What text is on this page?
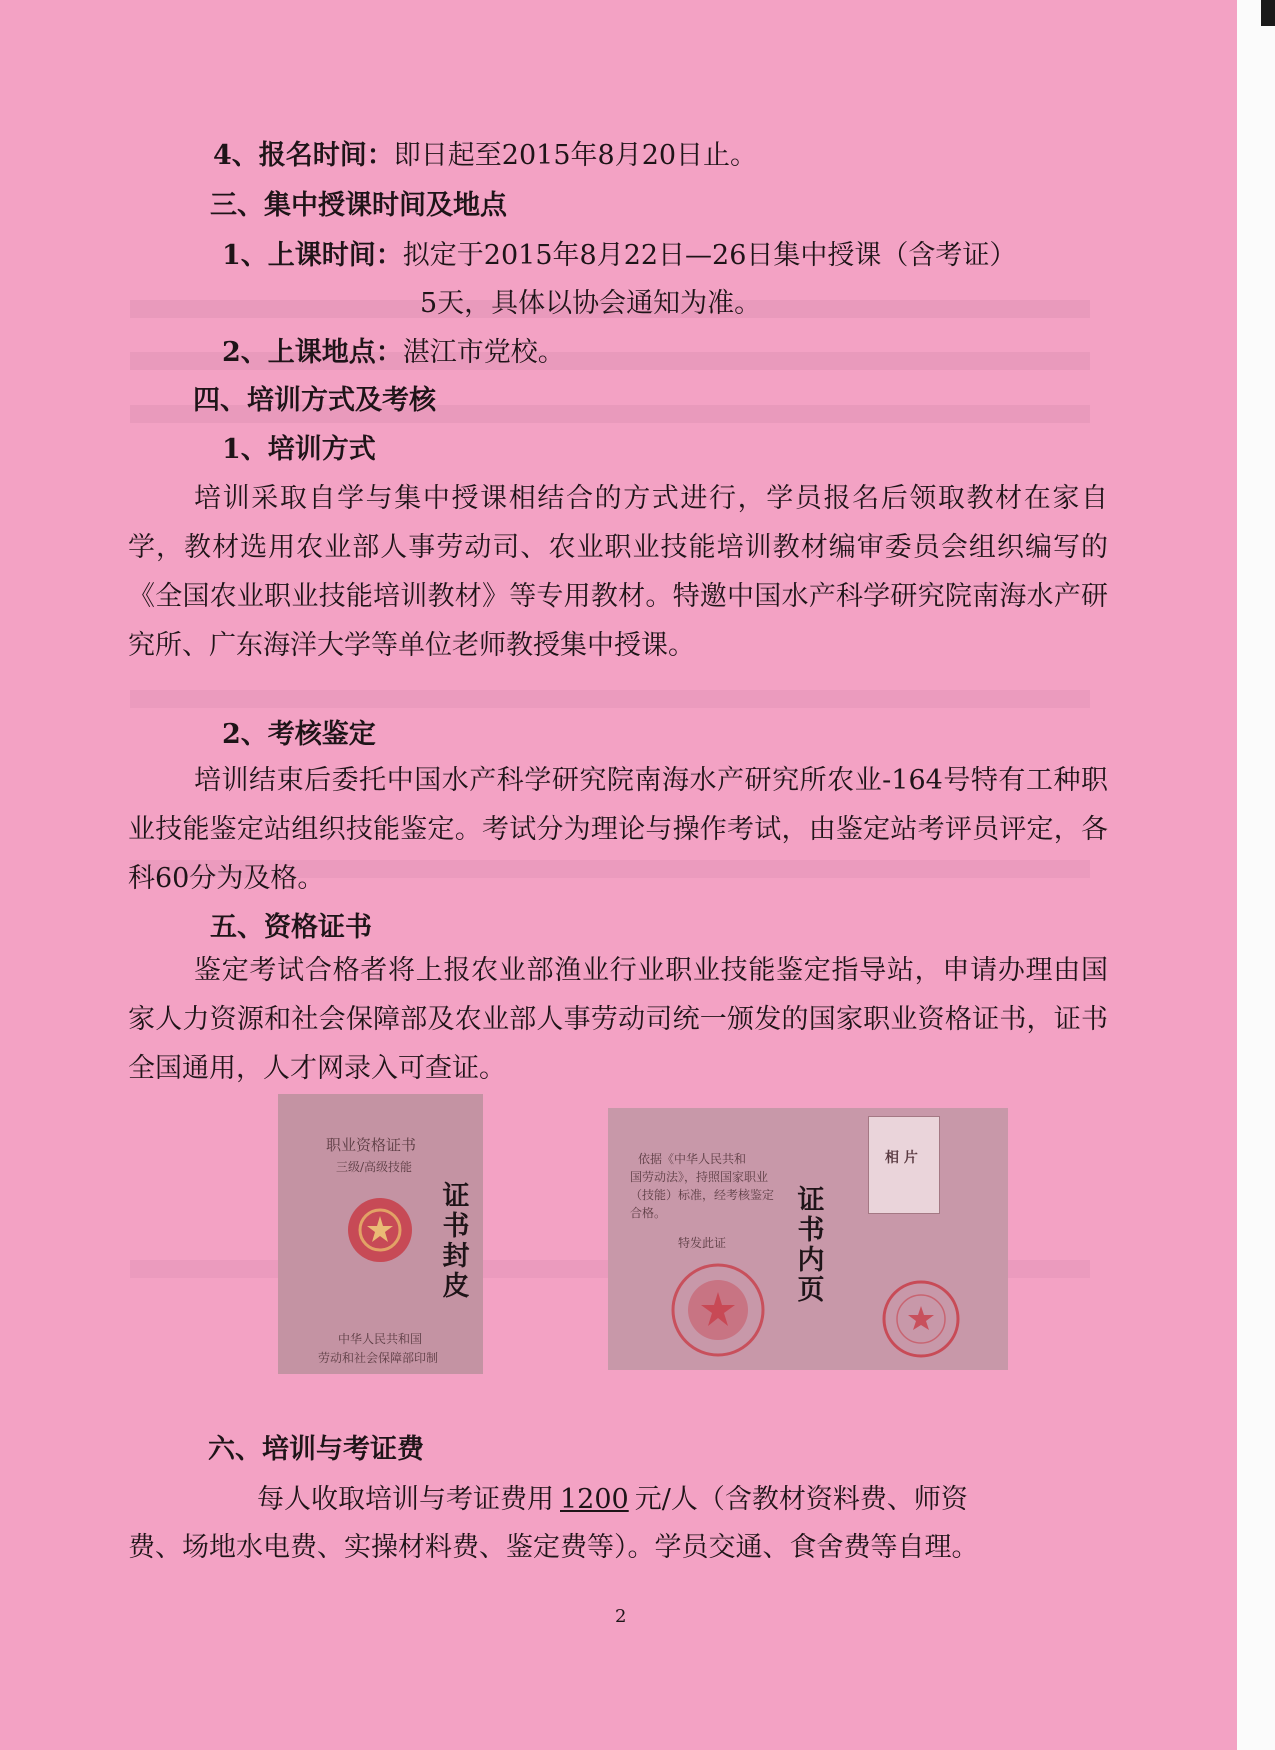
4、报名时间：即日起至2015年8月20日止。
三、集中授课时间及地点
1、上课时间：拟定于2015年8月22日—26日集中授课（含考证）
5天，具体以协会通知为准。
2、上课地点：湛江市党校。
四、培训方式及考核
1、培训方式
培训采取自学与集中授课相结合的方式进行，学员报名后领取教材在家自学，教材选用农业部人事劳动司、农业职业技能培训教材编审委员会组织编写的《全国农业职业技能培训教材》等专用教材。特邀中国水产科学研究院南海水产研究所、广东海洋大学等单位老师教授集中授课。
2、考核鉴定
培训结束后委托中国水产科学研究院南海水产研究所农业-164号特有工种职业技能鉴定站组织技能鉴定。考试分为理论与操作考试，由鉴定站考评员评定，各科60分为及格。
五、资格证书
鉴定考试合格者将上报农业部渔业行业职业技能鉴定指导站，申请办理由国家人力资源和社会保障部及农业部人事劳动司统一颁发的国家职业资格证书，证书全国通用，人才网录入可查证。
职业资格证书
三级/高级技能
中华人民共和国
劳动和社会保障部印制
证书封皮
依据《中华人民共和
国劳动法》，持照国家职业
（技能）标准，经考核鉴定
合格。
特发此证
相 片
证书内页
六、培训与考证费
每人收取培训与考证费用 1200 元/人（含教材资料费、师资
费、场地水电费、实操材料费、鉴定费等）。学员交通、食舍费等自理。
2
